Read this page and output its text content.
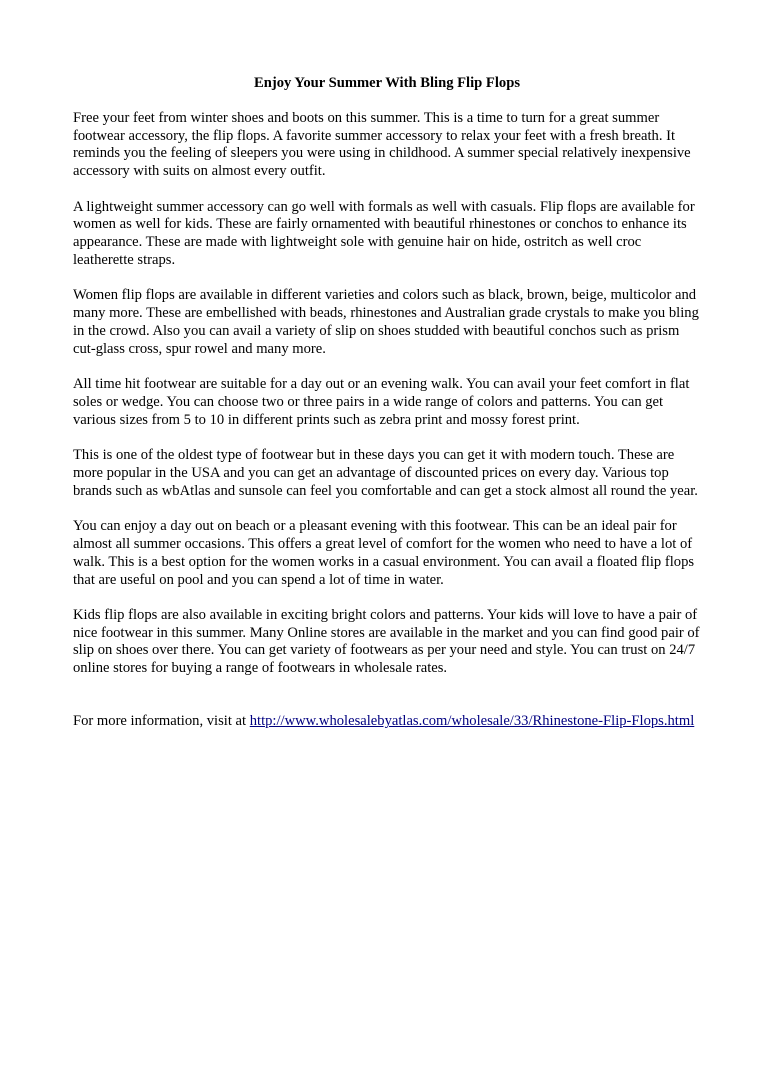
Enjoy Your Summer With Bling Flip Flops

Free your feet from winter shoes and boots on this summer. This is a time to turn for a great summer footwear accessory, the flip flops. A favorite summer accessory to relax your feet with a fresh breath. It reminds you the feeling of sleepers you were using in childhood. A summer special relatively inexpensive accessory with suits on almost every outfit.

A lightweight summer accessory can go well with formals as well with casuals. Flip flops are available for women as well for kids. These are fairly ornamented with beautiful rhinestones or conchos to enhance its appearance. These are made with lightweight sole with genuine hair on hide, ostritch as well croc leatherette straps.

Women flip flops are available in different varieties and colors such as black, brown, beige, multicolor and many more. These are embellished with beads, rhinestones and Australian grade crystals to make you bling in the crowd. Also you can avail a variety of slip on shoes studded with beautiful conchos such as prism cut-glass cross, spur rowel and many more.

All time hit footwear are suitable for a day out or an evening walk. You can avail your feet comfort in flat soles or wedge. You can choose two or three pairs in a wide range of colors and patterns. You can get various sizes from 5 to 10 in different prints such as zebra print and mossy forest print.

This is one of the oldest type of footwear but in these days you can get it with modern touch. These are more popular in the USA and you can get an advantage of discounted prices on every day. Various top brands such as wbAtlas and sunsole can feel you comfortable and can get a stock almost all round the year.

You can enjoy a day out on beach or a pleasant evening with this footwear. This can be an ideal pair for almost all summer occasions. This offers a great level of comfort for the women who need to have a lot of walk. This is a best option for the women works in a casual environment. You can avail a floated flip flops that are useful on pool and you can spend a lot of time in water.

Kids flip flops are also available in exciting bright colors and patterns. Your kids will love to have a pair of nice footwear in this summer. Many Online stores are available in the market and you can find good pair of slip on shoes over there. You can get variety of footwears as per your need and style. You can trust on 24/7 online stores for buying a range of footwears in wholesale rates.

For more information, visit at http://www.wholesalebyatlas.com/wholesale/33/Rhinestone-Flip-Flops.html
